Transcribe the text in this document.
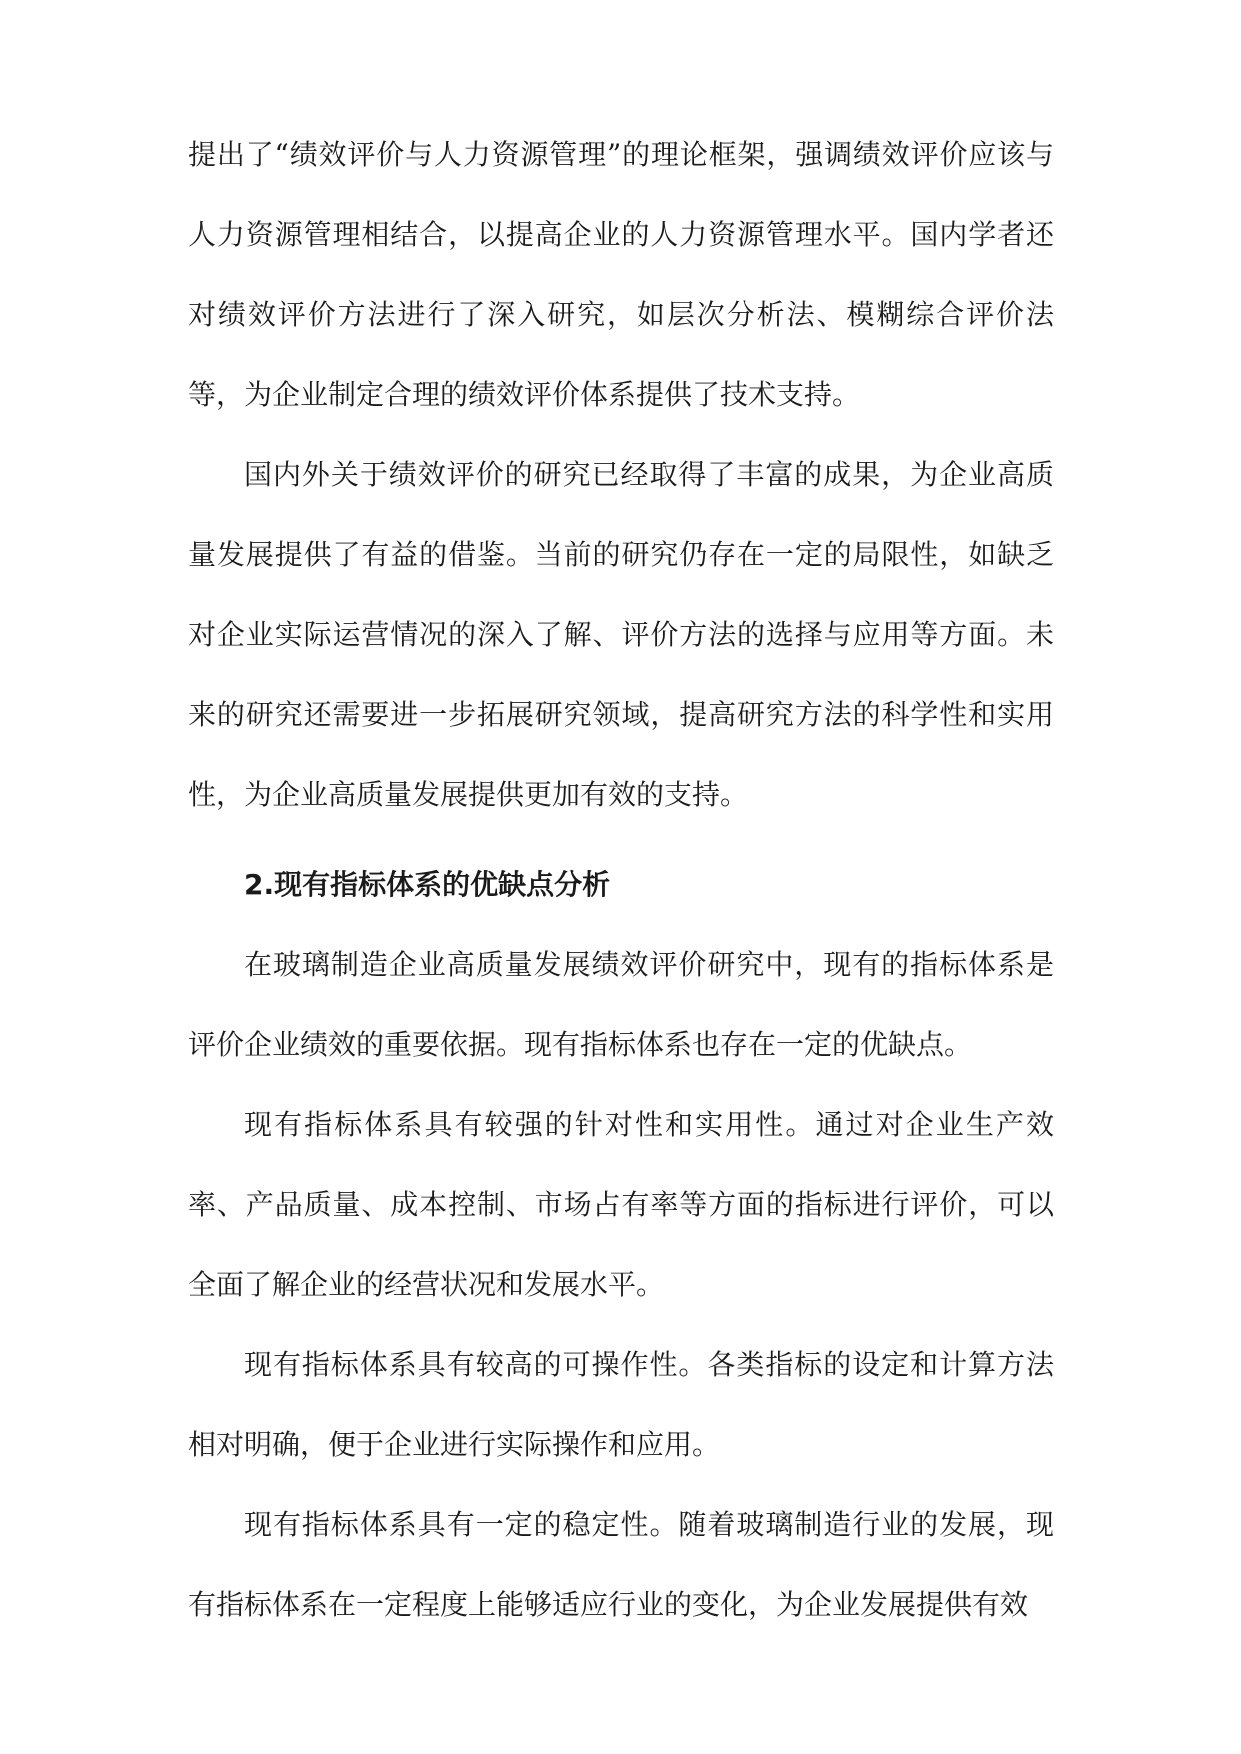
提出了“绩效评价与人力资源管理”的理论框架，强调绩效评价应该与人力资源管理相结合，以提高企业的人力资源管理水平。国内学者还对绩效评价方法进行了深入研究，如层次分析法、模糊综合评价法等，为企业制定合理的绩效评价体系提供了技术支持。

国内外关于绩效评价的研究已经取得了丰富的成果，为企业高质量发展提供了有益的借鉴。当前的研究仍存在一定的局限性，如缺乏对企业实际运营情况的深入了解、评价方法的选择与应用等方面。未来的研究还需要进一步拓展研究领域，提高研究方法的科学性和实用性，为企业高质量发展提供更加有效的支持。

2.现有指标体系的优缺点分析

在玻璃制造企业高质量发展绩效评价研究中，现有的指标体系是评价企业绩效的重要依据。现有指标体系也存在一定的优缺点。

现有指标体系具有较强的针对性和实用性。通过对企业生产效率、产品质量、成本控制、市场占有率等方面的指标进行评价，可以全面了解企业的经营状况和发展水平。

现有指标体系具有较高的可操作性。各类指标的设定和计算方法相对明确，便于企业进行实际操作和应用。

现有指标体系具有一定的稳定性。随着玻璃制造行业的发展，现有指标体系在一定程度上能够适应行业的变化，为企业发展提供有效
